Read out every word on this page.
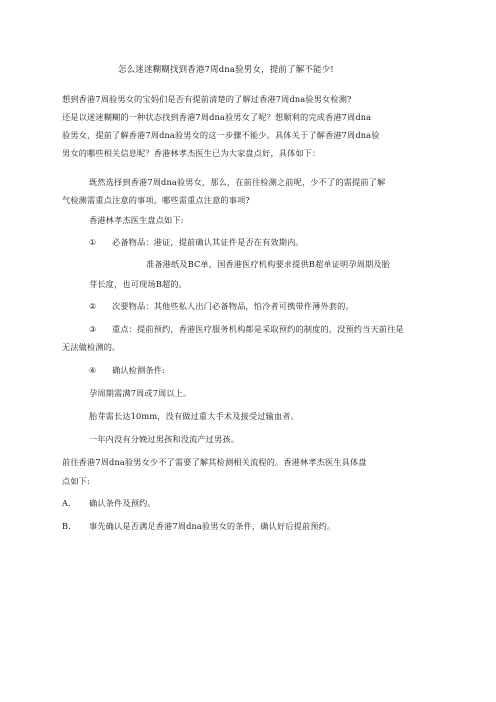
怎么迷迷糊糊找到香港7周dna验男女，提前了解不能少!
想到香港7周验男女的宝妈们是否有提前清楚的了解过香港7周dna验男女检测?
还是以迷迷糊糊的一种状态找到香港7周dna验男女了呢？想顺利的完成香港7周dna
验男女，提前了解香港7周dna验男女的这一步骤不能少。具体关于了解香港7周dna验
男女的哪些相关信息呢？香港林孝杰医生已为大家盘点好，具体如下：
既然选择到香港7周dna验男女，那么，在前往检测之前呢，少不了的需提前了解
气检测需重点注意的事项。哪些需重点注意的事项?
香港林孝杰医生盘点如下:
① 必备物品：港证，提前确认其证件是否在有效期内。
准备港纸及BC单，国香港医疗机构要求提供B超单证明孕周期及胎
芽长度，也可现场B超的。
② 次要物品：其他些私人出门必备物品，怕冷者可携带件薄外套的。
③ 重点：提前预约，香港医疗服务机构都是采取预约的制度的，没预约当天前往是
无法做检测的。
④ 确认检测条件:
孕周期需满7周或7周以上。
胎芽需长达10mm，没有做过重大手术及接受过输血者。
一年内没有分娩过男孩和没流产过男孩。
前往香港7周dna验男女少不了需要了解其检测相关流程的。香港林孝杰医生具体盘
点如下:
A. 确认条件及预约。
B. 事先确认是否满足香港7周dna验男女的条件，确认好后提前预约。
